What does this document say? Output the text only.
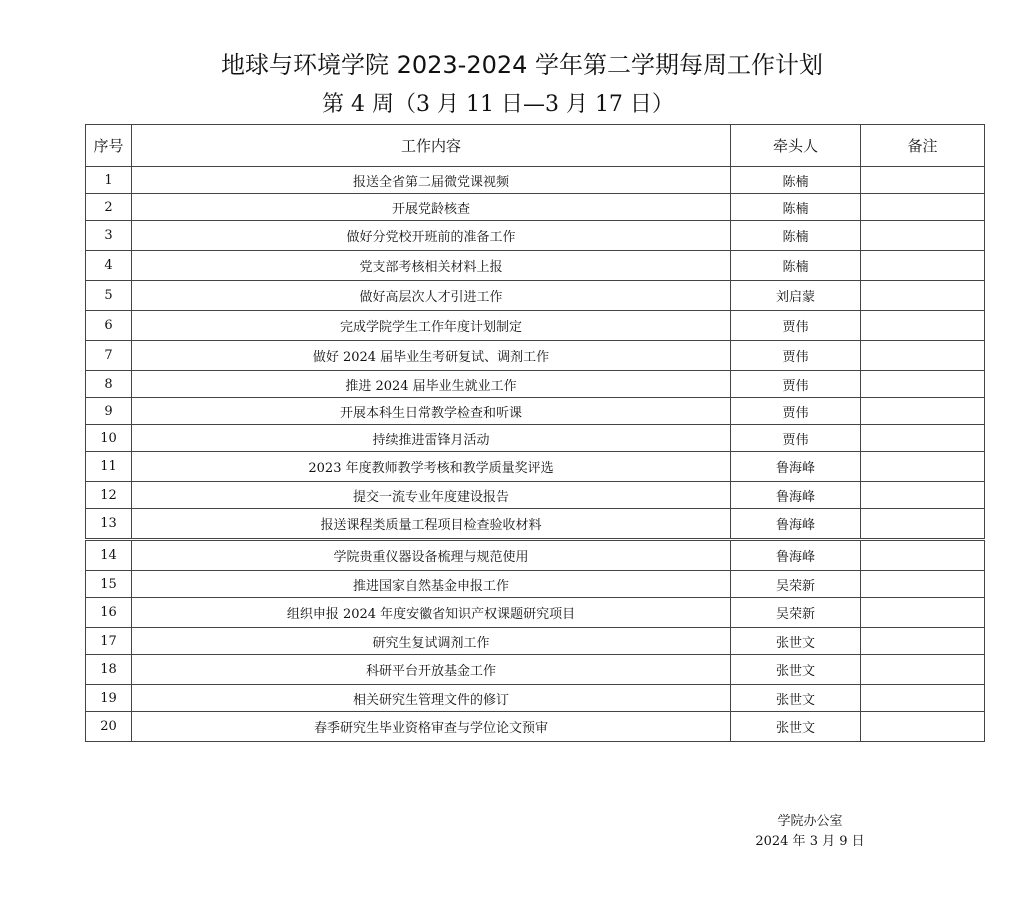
地球与环境学院 2023-2024 学年第二学期每周工作计划
第 4 周（3 月 11 日—3 月 17 日）
序号	工作内容	牵头人	备注
1	报送全省第二届微党课视频	陈楠	
2	开展党龄核查	陈楠	
3	做好分党校开班前的准备工作	陈楠	
4	党支部考核相关材料上报	陈楠	
5	做好高层次人才引进工作	刘启蒙	
6	完成学院学生工作年度计划制定	贾伟	
7	做好 2024 届毕业生考研复试、调剂工作	贾伟	
8	推进 2024 届毕业生就业工作	贾伟	
9	开展本科生日常教学检查和听课	贾伟	
10	持续推进雷锋月活动	贾伟	
11	2023 年度教师教学考核和教学质量奖评选	鲁海峰	
12	提交一流专业年度建设报告	鲁海峰	
13	报送课程类质量工程项目检查验收材料	鲁海峰	
14	学院贵重仪器设备梳理与规范使用	鲁海峰	
15	推进国家自然基金申报工作	吴荣新	
16	组织申报 2024 年度安徽省知识产权课题研究项目	吴荣新	
17	研究生复试调剂工作	张世文	
18	科研平台开放基金工作	张世文	
19	相关研究生管理文件的修订	张世文	
20	春季研究生毕业资格审查与学位论文预审	张世文	
学院办公室
2024 年 3 月 9 日
